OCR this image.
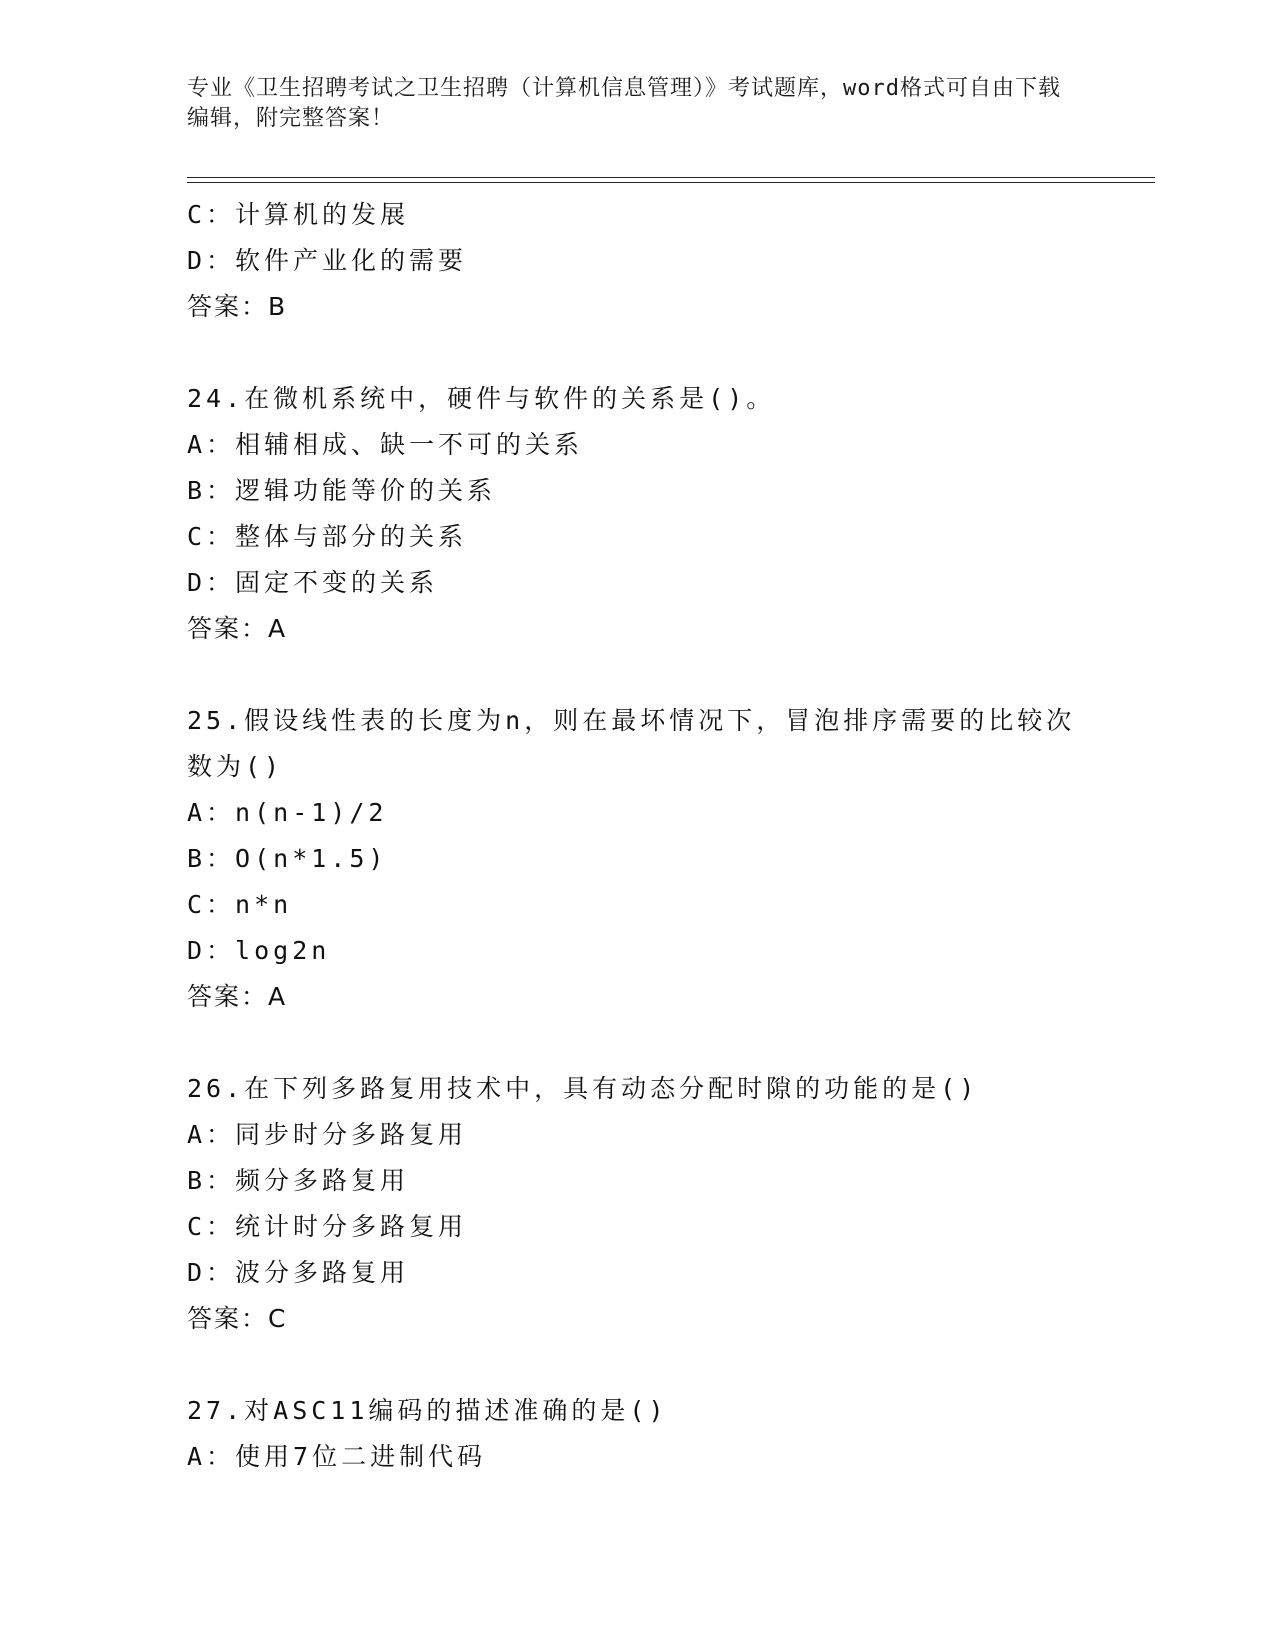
专业《卫生招聘考试之卫生招聘（计算机信息管理）》考试题库，word格式可自由下载编辑，附完整答案！
C：计算机的发展
D：软件产业化的需要
答案：B
24.在微机系统中，硬件与软件的关系是()。
A：相辅相成、缺一不可的关系
B：逻辑功能等价的关系
C：整体与部分的关系
D：固定不变的关系
答案：A
25.假设线性表的长度为n，则在最坏情况下，冒泡排序需要的比较次数为()
A：n(n-1)/2
B：O(n*1.5)
C：n*n
D：log2n
答案：A
26.在下列多路复用技术中，具有动态分配时隙的功能的是()
A：同步时分多路复用
B：频分多路复用
C：统计时分多路复用
D：波分多路复用
答案：C
27.对ASC11编码的描述准确的是()
A：使用7位二进制代码
